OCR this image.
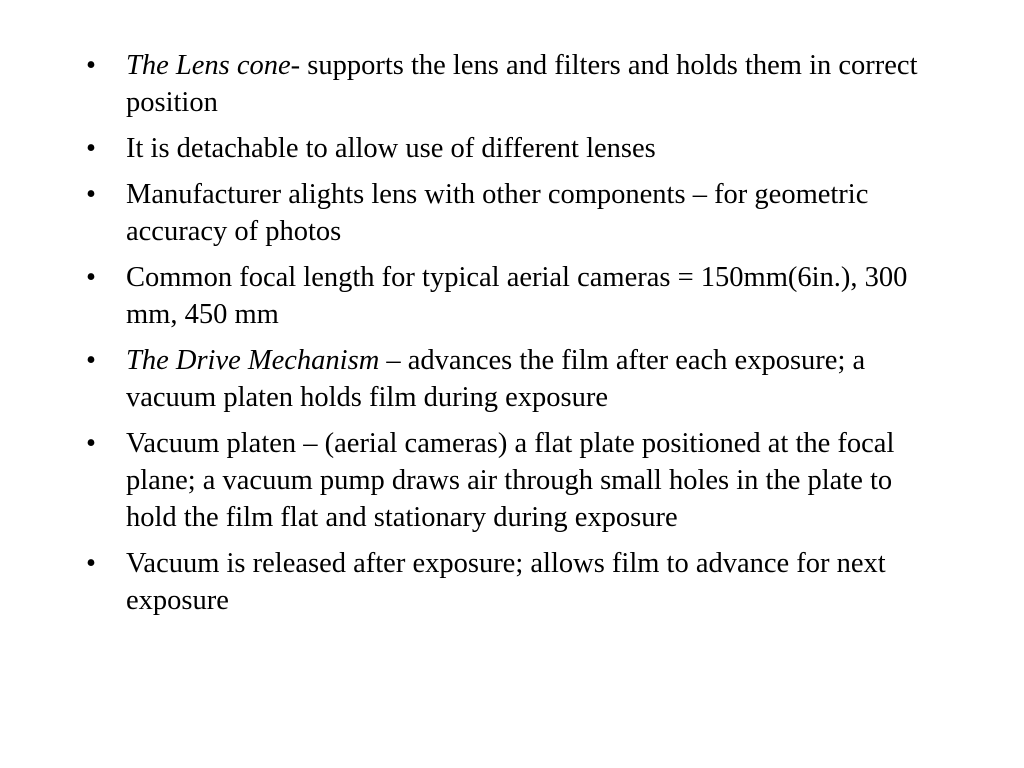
•	The Lens cone- supports the lens and filters and holds them in correct position
•	It is detachable to allow use of different lenses
•	Manufacturer alights lens with other components – for geometric accuracy of photos
•	Common focal length for typical aerial cameras = 150mm(6in.), 300 mm, 450 mm
•	The Drive Mechanism – advances the film after each exposure; a vacuum platen holds film during exposure
•	Vacuum platen – (aerial cameras) a flat plate positioned at the focal plane; a vacuum pump draws air through small holes in the plate to hold the film flat and stationary during exposure
•	Vacuum is released after exposure; allows film to advance for next exposure
